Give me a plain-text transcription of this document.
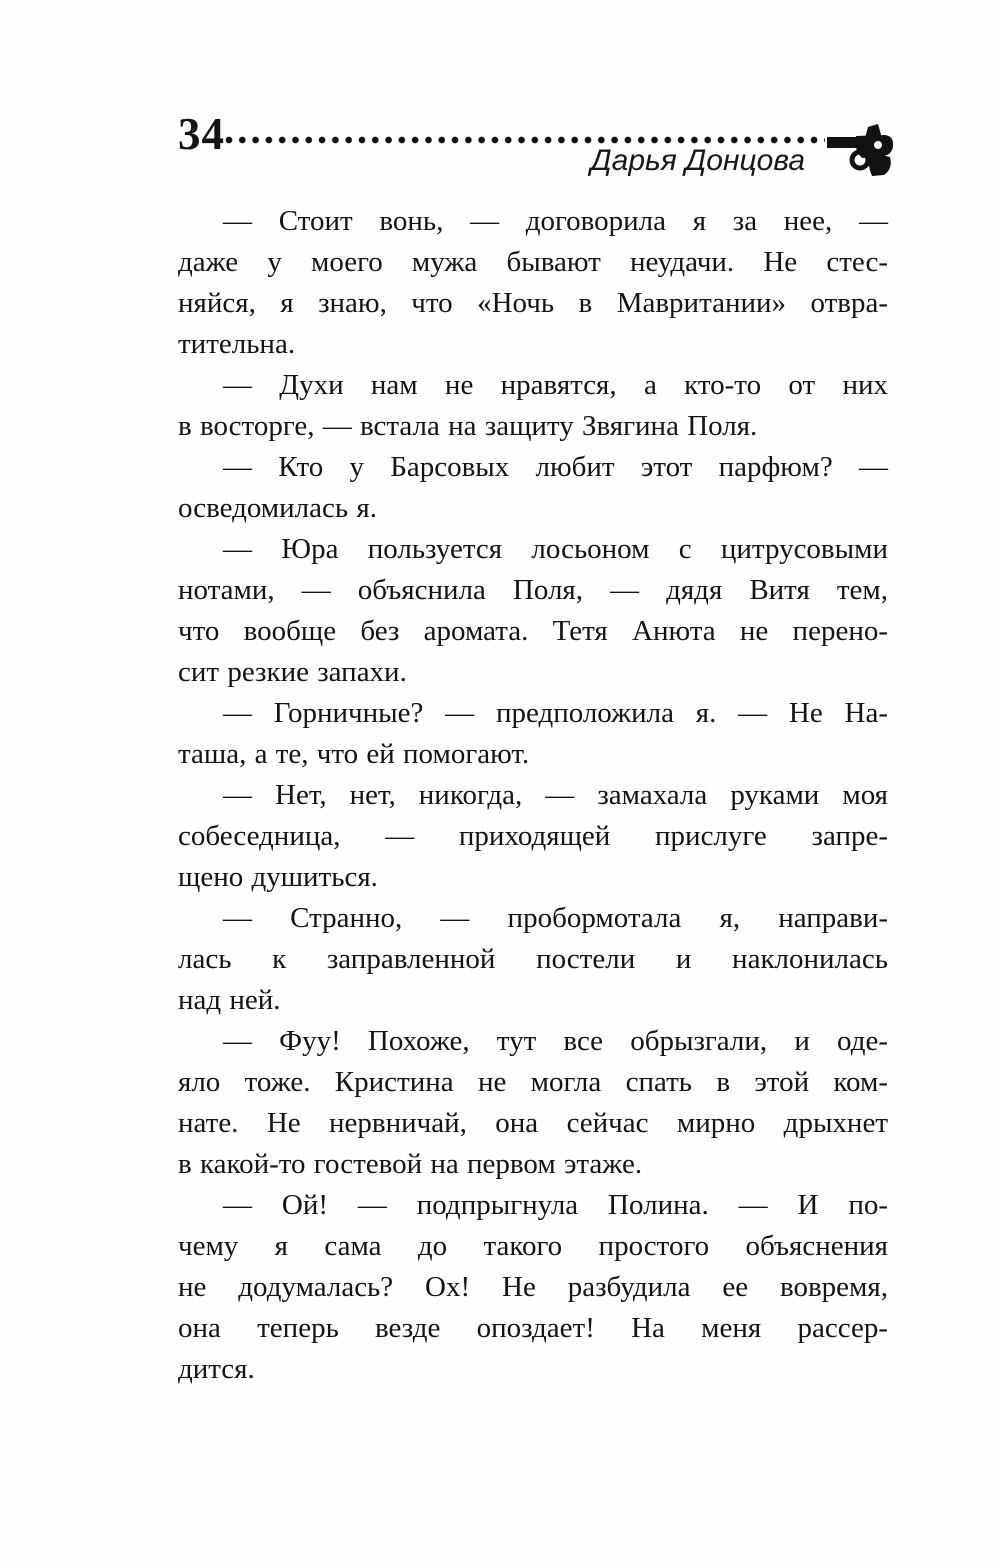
34
Дарья Донцова
— Стоит вонь, — договорила я за нее, —
даже у моего мужа бывают неудачи. Не стес-
няйся, я знаю, что «Ночь в Мавритании» отвра-
тительна.
— Духи нам не нравятся, а кто-то от них
в восторге, — встала на защиту Звягина Поля.
— Кто у Барсовых любит этот парфюм? —
осведомилась я.
— Юра пользуется лосьоном с цитрусовыми
нотами, — объяснила Поля, — дядя Витя тем,
что вообще без аромата. Тетя Анюта не перено-
сит резкие запахи.
— Горничные? — предположила я. — Не На-
таша, а те, что ей помогают.
— Нет, нет, никогда, — замахала руками моя
собеседница, — приходящей прислуге запре-
щено душиться.
— Странно, — пробормотала я, направи-
лась к заправленной постели и наклонилась
над ней.
— Фуу! Похоже, тут все обрызгали, и оде-
яло тоже. Кристина не могла спать в этой ком-
нате. Не нервничай, она сейчас мирно дрыхнет
в какой-то гостевой на первом этаже.
— Ой! — подпрыгнула Полина. — И по-
чему я сама до такого простого объяснения
не додумалась? Ох! Не разбудила ее вовремя,
она теперь везде опоздает! На меня рассер-
дится.
